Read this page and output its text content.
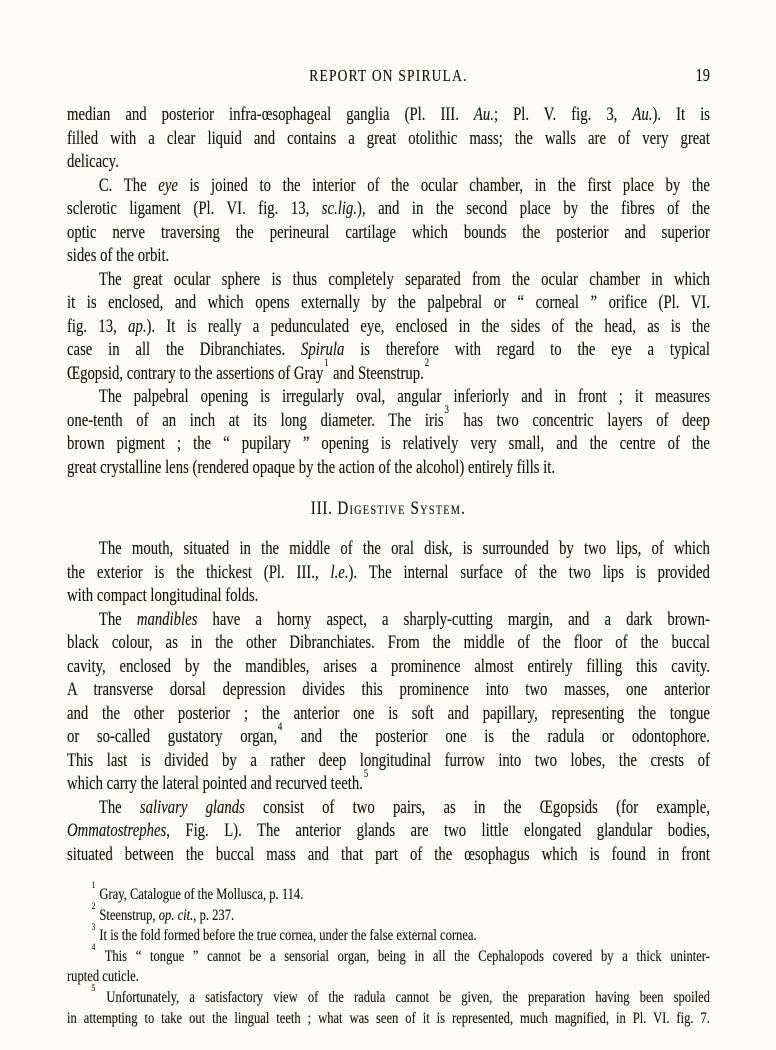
REPORT ON SPIRULA.	19
median and posterior infra-œsophageal ganglia (Pl. III. Au.; Pl. V. fig. 3, Au.). It is
filled with a clear liquid and contains a great otolithic mass; the walls are of very great
delicacy.
C. The eye is joined to the interior of the ocular chamber, in the first place by the
sclerotic ligament (Pl. VI. fig. 13, sc.lig.), and in the second place by the fibres of the
optic nerve traversing the perineural cartilage which bounds the posterior and superior
sides of the orbit.
The great ocular sphere is thus completely separated from the ocular chamber in which
it is enclosed, and which opens externally by the palpebral or “ corneal ” orifice (Pl. VI.
fig. 13, ap.). It is really a pedunculated eye, enclosed in the sides of the head, as is the
case in all the Dibranchiates. Spirula is therefore with regard to the eye a typical
Œgopsid, contrary to the assertions of Gray$^1$ and Steenstrup.$^2$
The palpebral opening is irregularly oval, angular inferiorly and in front ; it measures
one-tenth of an inch at its long diameter. The iris$^3$ has two concentric layers of deep
brown pigment ; the “ pupilary ” opening is relatively very small, and the centre of the
great crystalline lens (rendered opaque by the action of the alcohol) entirely fills it.
III. Digestive System.
The mouth, situated in the middle of the oral disk, is surrounded by two lips, of which
the exterior is the thickest (Pl. III., l.e.). The internal surface of the two lips is provided
with compact longitudinal folds.
The mandibles have a horny aspect, a sharply-cutting margin, and a dark brown-
black colour, as in the other Dibranchiates. From the middle of the floor of the buccal
cavity, enclosed by the mandibles, arises a prominence almost entirely filling this cavity.
A transverse dorsal depression divides this prominence into two masses, one anterior
and the other posterior ; the anterior one is soft and papillary, representing the tongue
or so-called gustatory organ,$^4$ and the posterior one is the radula or odontophore.
This last is divided by a rather deep longitudinal furrow into two lobes, the crests of
which carry the lateral pointed and recurved teeth.$^5$
The salivary glands consist of two pairs, as in the Œgopsids (for example,
Ommatostrephes, Fig. L). The anterior glands are two little elongated glandular bodies,
situated between the buccal mass and that part of the œsophagus which is found in front
$^1$ Gray, Catalogue of the Mollusca, p. 114.
$^2$ Steenstrup, op. cit., p. 237.
$^3$ It is the fold formed before the true cornea, under the false external cornea.
$^4$ This “ tongue ” cannot be a sensorial organ, being in all the Cephalopods covered by a thick uninter-
rupted cuticle.
$^5$ Unfortunately, a satisfactory view of the radula cannot be given, the preparation having been spoiled
in attempting to take out the lingual teeth ; what was seen of it is represented, much magnified, in Pl. VI. fig. 7.
